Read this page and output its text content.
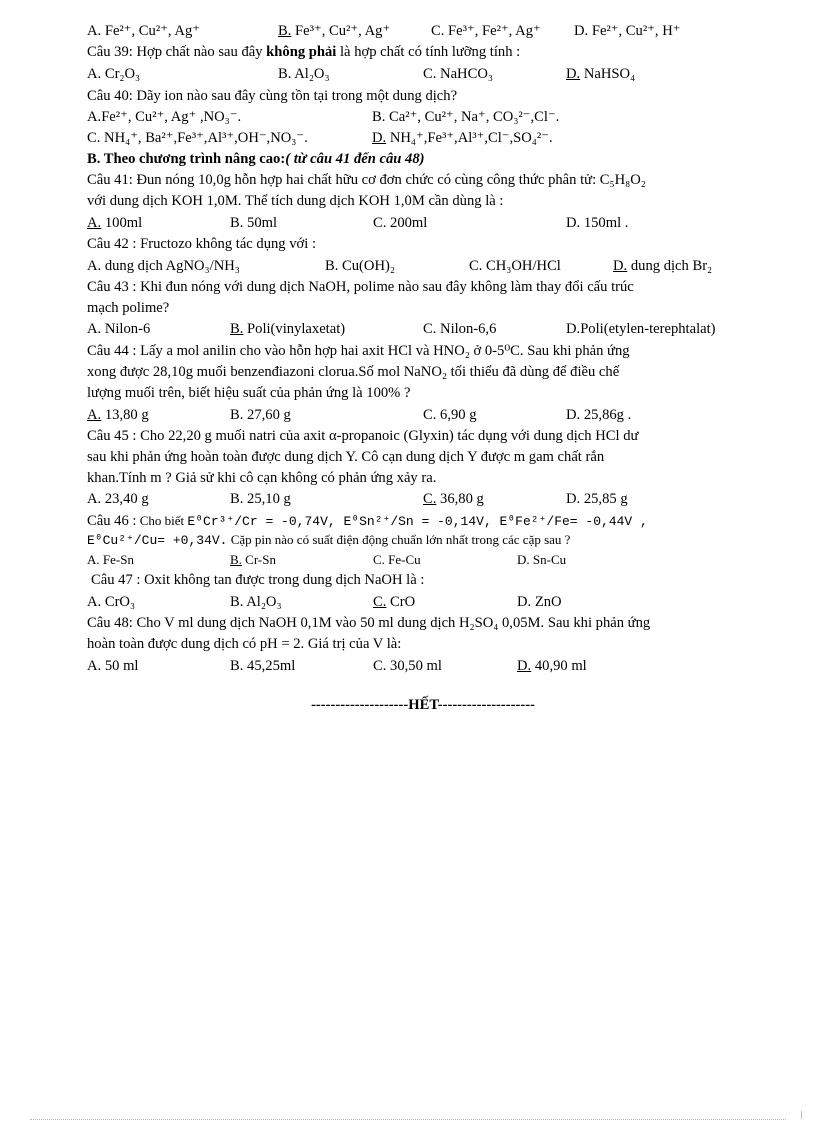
A. Fe²⁺, Cu²⁺, Ag⁺	B. Fe³⁺, Cu²⁺, Ag⁺	C. Fe³⁺, Fe²⁺, Ag⁺ D. Fe²⁺, Cu²⁺, H⁺
Câu 39: Hợp chất nào sau đây không phải là hợp chất có tính lưỡng tính :
A. Cr₂O₃	B. Al₂O₃	C. NaHCO₃	D. NaHSO₄
Câu 40: Dãy ion nào sau đây cùng tồn tại trong một dung dịch?
A.Fe²⁺, Cu²⁺, Ag⁺ ,NO₃⁻.	B. Ca²⁺, Cu²⁺, Na⁺, CO₃²⁻,Cl⁻.
C. NH₄⁺, Ba²⁺,Fe³⁺,Al³⁺,OH⁻,NO₃⁻.	D. NH₄⁺,Fe³⁺,Al³⁺,Cl⁻,SO₄²⁻.
B. Theo chương trình nâng cao:( từ câu 41 đến câu 48)
Câu 41: Đun nóng 10,0g hỗn hợp hai chất hữu cơ đơn chức có cùng công thức phân tử: C₅H₈O₂
với dung dịch KOH 1,0M. Thể tích dung dịch KOH 1,0M cần dùng là :
A. 100ml	B. 50ml	C. 200ml	D. 150ml .
Câu 42 : Fructozo không tác dụng với :
A. dung dịch AgNO₃/NH₃	B. Cu(OH)₂	C. CH₃OH/HCl	D. dung dịch Br₂
Câu 43 : Khi đun nóng với dung dịch NaOH, polime nào sau đây không làm thay đổi cấu trúc
mạch polime?
A. Nilon-6	B. Poli(vinylaxetat)	C. Nilon-6,6	D.Poli(etylen-terephtalat)
Câu 44 : Lấy a mol anilin cho vào hỗn hợp hai axit HCl và HNO₂ ở 0-5⁰C. Sau khi phản ứng
xong được 28,10g muối benzenđiazoni clorua.Số mol NaNO₂ tối thiểu đã dùng để điều chế
lượng muối trên, biết hiệu suất của phản ứng là 100% ?
A. 13,80 g	B. 27,60 g	C. 6,90 g	D. 25,86g .
Câu 45 : Cho 22,20 g muối natri của axit α-propanoic (Glyxin) tác dụng với dung dịch HCl dư
sau khi phản ứng hoàn toàn được dung dịch Y. Cô cạn dung dịch Y được m gam chất rắn
khan.Tính m ? Giả sử khi cô cạn không có phản ứng xảy ra.
A. 23,40 g	B. 25,10 g	C. 36,80 g	D. 25,85 g
Câu 46 : Cho biết E⁰Cr³⁺/Cr = -0,74V, E⁰Sn²⁺/Sn = -0,14V, E⁰Fe²⁺/Fe= -0,44V ,
E⁰Cu²⁺/Cu= +0,34V. Cặp pin nào có suất điện động chuẩn lớn nhất trong các cặp sau ?
A. Fe-Sn	B. Cr-Sn	C. Fe-Cu	D. Sn-Cu
Câu 47 : Oxit không tan được trong dung dịch NaOH là :
A. CrO₃	B. Al₂O₃	C. CrO	D. ZnO
Câu 48: Cho V ml dung dịch NaOH 0,1M vào 50 ml dung dịch H₂SO₄ 0,05M. Sau khi phản ứng
hoàn toàn được dung dịch có pH = 2. Giá trị của V là:
A. 50 ml	B. 45,25ml	C. 30,50 ml	D. 40,90 ml
--------------------HẾT--------------------
